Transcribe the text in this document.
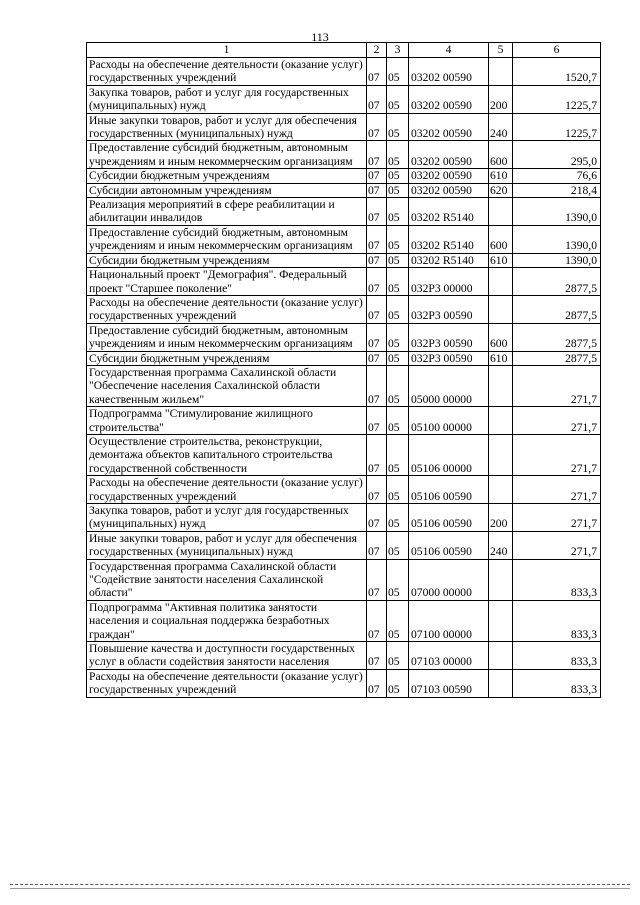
113
1	2	3	4	5	6
Расходы на обеспечение деятельности (оказание услуг) государственных учреждений	07	05	03202 00590		1520,7
Закупка товаров, работ и услуг для государственных (муниципальных) нужд	07	05	03202 00590	200	1225,7
Иные закупки товаров, работ и услуг для обеспечения государственных (муниципальных) нужд	07	05	03202 00590	240	1225,7
Предоставление субсидий бюджетным, автономным учреждениям и иным некоммерческим организациям	07	05	03202 00590	600	295,0
Субсидии бюджетным учреждениям	07	05	03202 00590	610	76,6
Субсидии автономным учреждениям	07	05	03202 00590	620	218,4
Реализация мероприятий в сфере реабилитации и абилитации инвалидов	07	05	03202 R5140		1390,0
Предоставление субсидий бюджетным, автономным учреждениям и иным некоммерческим организациям	07	05	03202 R5140	600	1390,0
Субсидии бюджетным учреждениям	07	05	03202 R5140	610	1390,0
Национальный проект "Демография". Федеральный проект "Старшее поколение"	07	05	032P3 00000		2877,5
Расходы на обеспечение деятельности (оказание услуг) государственных учреждений	07	05	032P3 00590		2877,5
Предоставление субсидий бюджетным, автономным учреждениям и иным некоммерческим организациям	07	05	032P3 00590	600	2877,5
Субсидии бюджетным учреждениям	07	05	032P3 00590	610	2877,5
Государственная программа Сахалинской области "Обеспечение населения Сахалинской области качественным жильем"	07	05	05000 00000		271,7
Подпрограмма "Стимулирование жилищного строительства"	07	05	05100 00000		271,7
Осуществление строительства, реконструкции, демонтажа объектов капитального строительства государственной собственности	07	05	05106 00000		271,7
Расходы на обеспечение деятельности (оказание услуг) государственных учреждений	07	05	05106 00590		271,7
Закупка товаров, работ и услуг для государственных (муниципальных) нужд	07	05	05106 00590	200	271,7
Иные закупки товаров, работ и услуг для обеспечения государственных (муниципальных) нужд	07	05	05106 00590	240	271,7
Государственная программа Сахалинской области "Содействие занятости населения Сахалинской области"	07	05	07000 00000		833,3
Подпрограмма "Активная политика занятости населения и социальная поддержка безработных граждан"	07	05	07100 00000		833,3
Повышение качества и доступности государственных услуг в области содействия занятости населения	07	05	07103 00000		833,3
Расходы на обеспечение деятельности (оказание услуг) государственных учреждений	07	05	07103 00590		833,3
